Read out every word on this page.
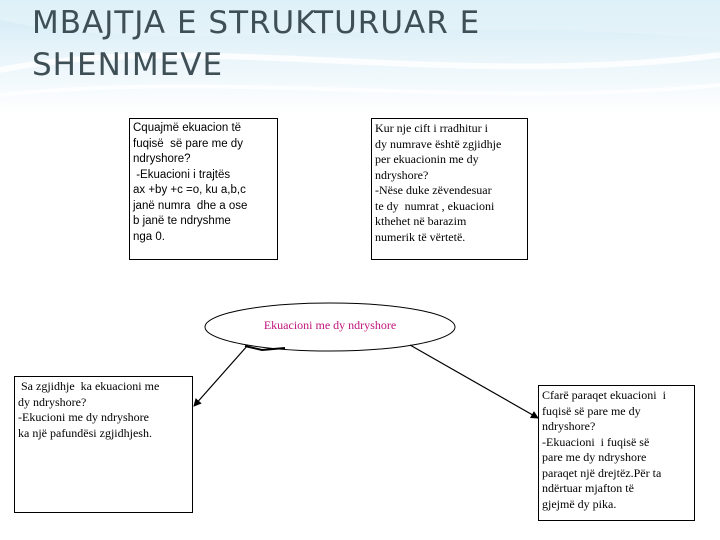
MBAJTJA E STRUKTURUAR E SHENIMEVE
Cquajmë ekuacion të
fuqisë  së pare me dy
ndryshore?
-Ekuacioni i trajtës
ax +by +c =o, ku a,b,c
janë numra  dhe a ose
b janë te ndryshme
nga 0.
Kur nje cift i rradhitur i
dy numrave është zgjidhje
per ekuacionin me dy
ndryshore?
-Nëse duke zëvendesuar
te dy  numrat , ekuacioni
kthehet në barazim
numerik të vërtetë.
Ekuacioni me dy ndryshore
Sa zgjidhje  ka ekuacioni me
dy ndryshore?
-Ekucioni me dy ndryshore
ka një pafundësi zgjidhjesh.
Cfarë paraqet ekuacioni  i
fuqisë së pare me dy
ndryshore?
-Ekuacioni  i fuqisë së
pare me dy ndryshore
paraqet një drejtëz.Për ta
ndërtuar mjafton të
gjejmë dy pika.
